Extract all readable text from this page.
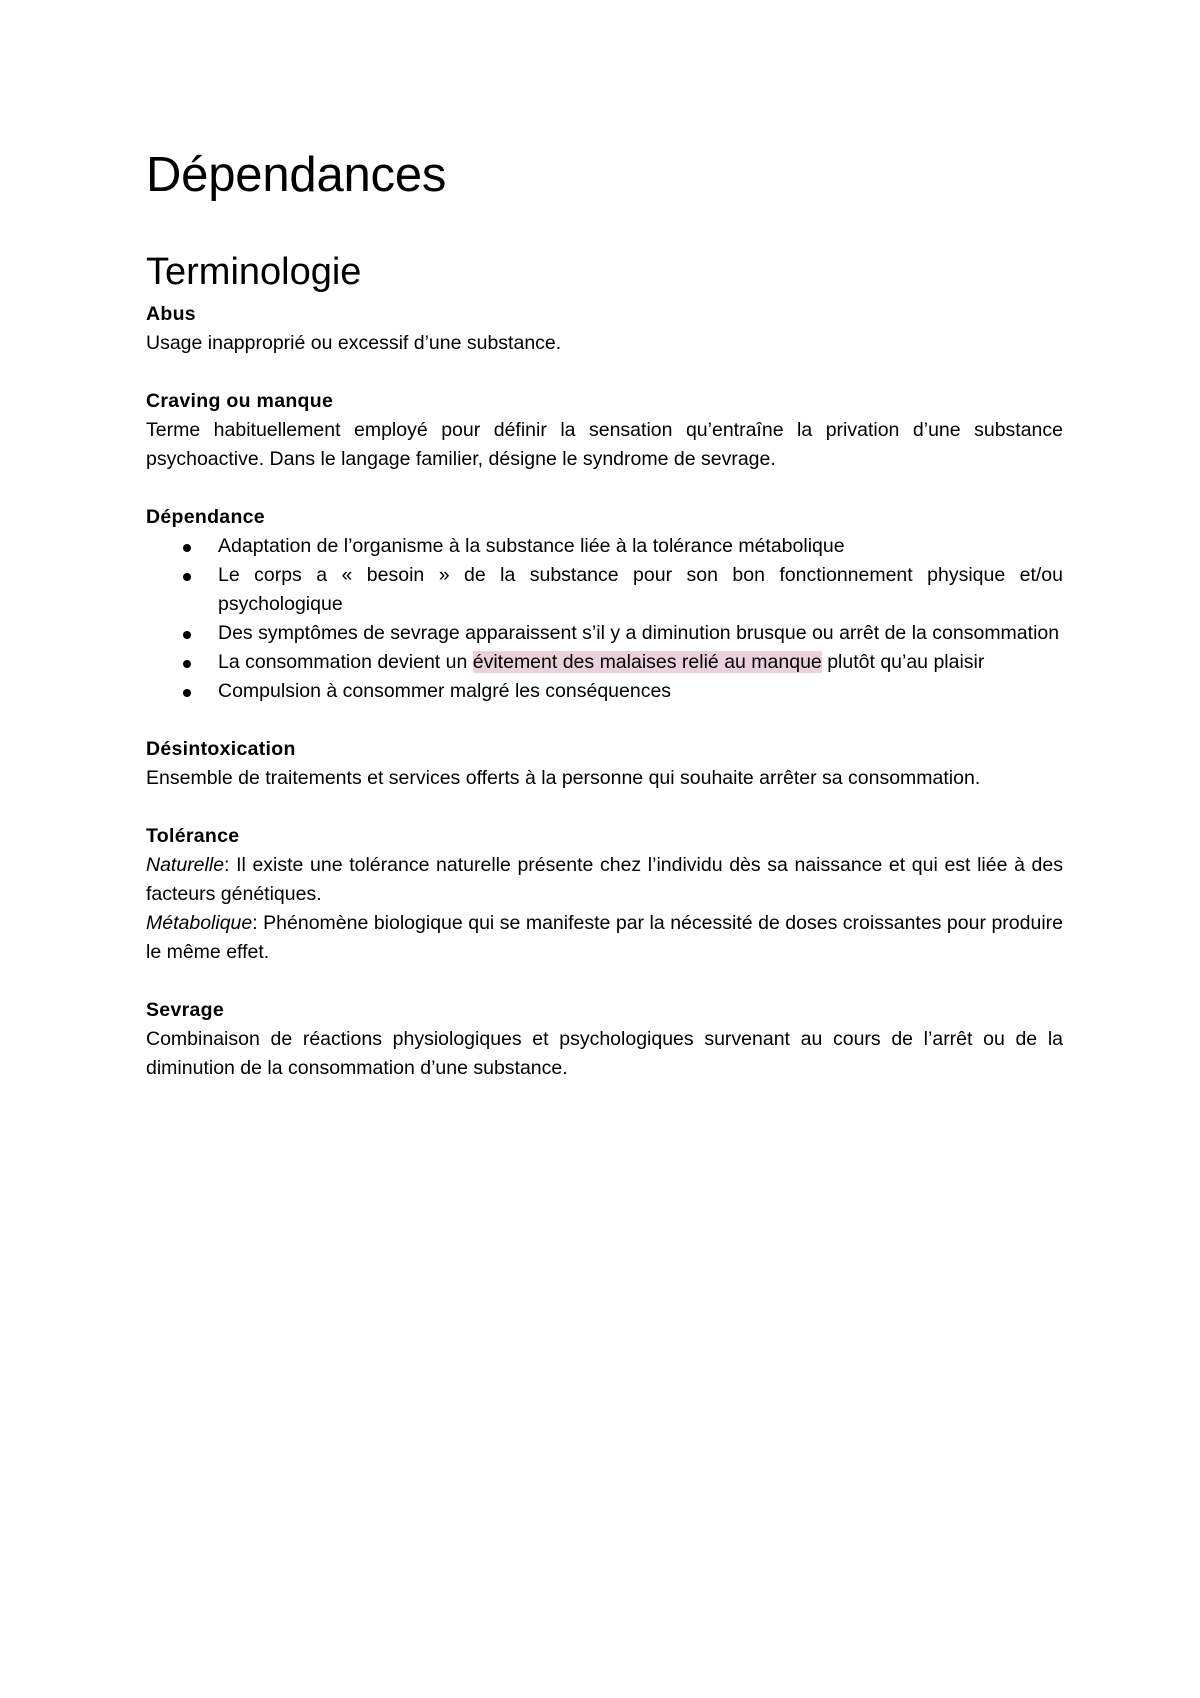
Dépendances
Terminologie

Abus

Usage inapproprié ou excessif d’une substance.

Craving ou manque

Terme habituellement employé pour définir la sensation qu’entraîne la privation d’une substance psychoactive. Dans le langage familier, désigne le syndrome de sevrage.

Dépendance

Adaptation de l’organisme à la substance liée à la tolérance métabolique
Le corps a « besoin » de la substance pour son bon fonctionnement physique et/ou psychologique
Des symptômes de sevrage apparaissent s’il y a diminution brusque ou arrêt de la consommation
La consommation devient un évitement des malaises relié au manque plutôt qu’au plaisir
Compulsion à consommer malgré les conséquences

Désintoxication

Ensemble de traitements et services offerts à la personne qui souhaite arrêter sa consommation.

Tolérance

Naturelle: Il existe une tolérance naturelle présente chez l’individu dès sa naissance et qui est liée à des facteurs génétiques.

Métabolique: Phénomène biologique qui se manifeste par la nécessité de doses croissantes pour produire le même effet.

Sevrage

Combinaison de réactions physiologiques et psychologiques survenant au cours de l’arrêt ou de la diminution de la consommation d’une substance.
